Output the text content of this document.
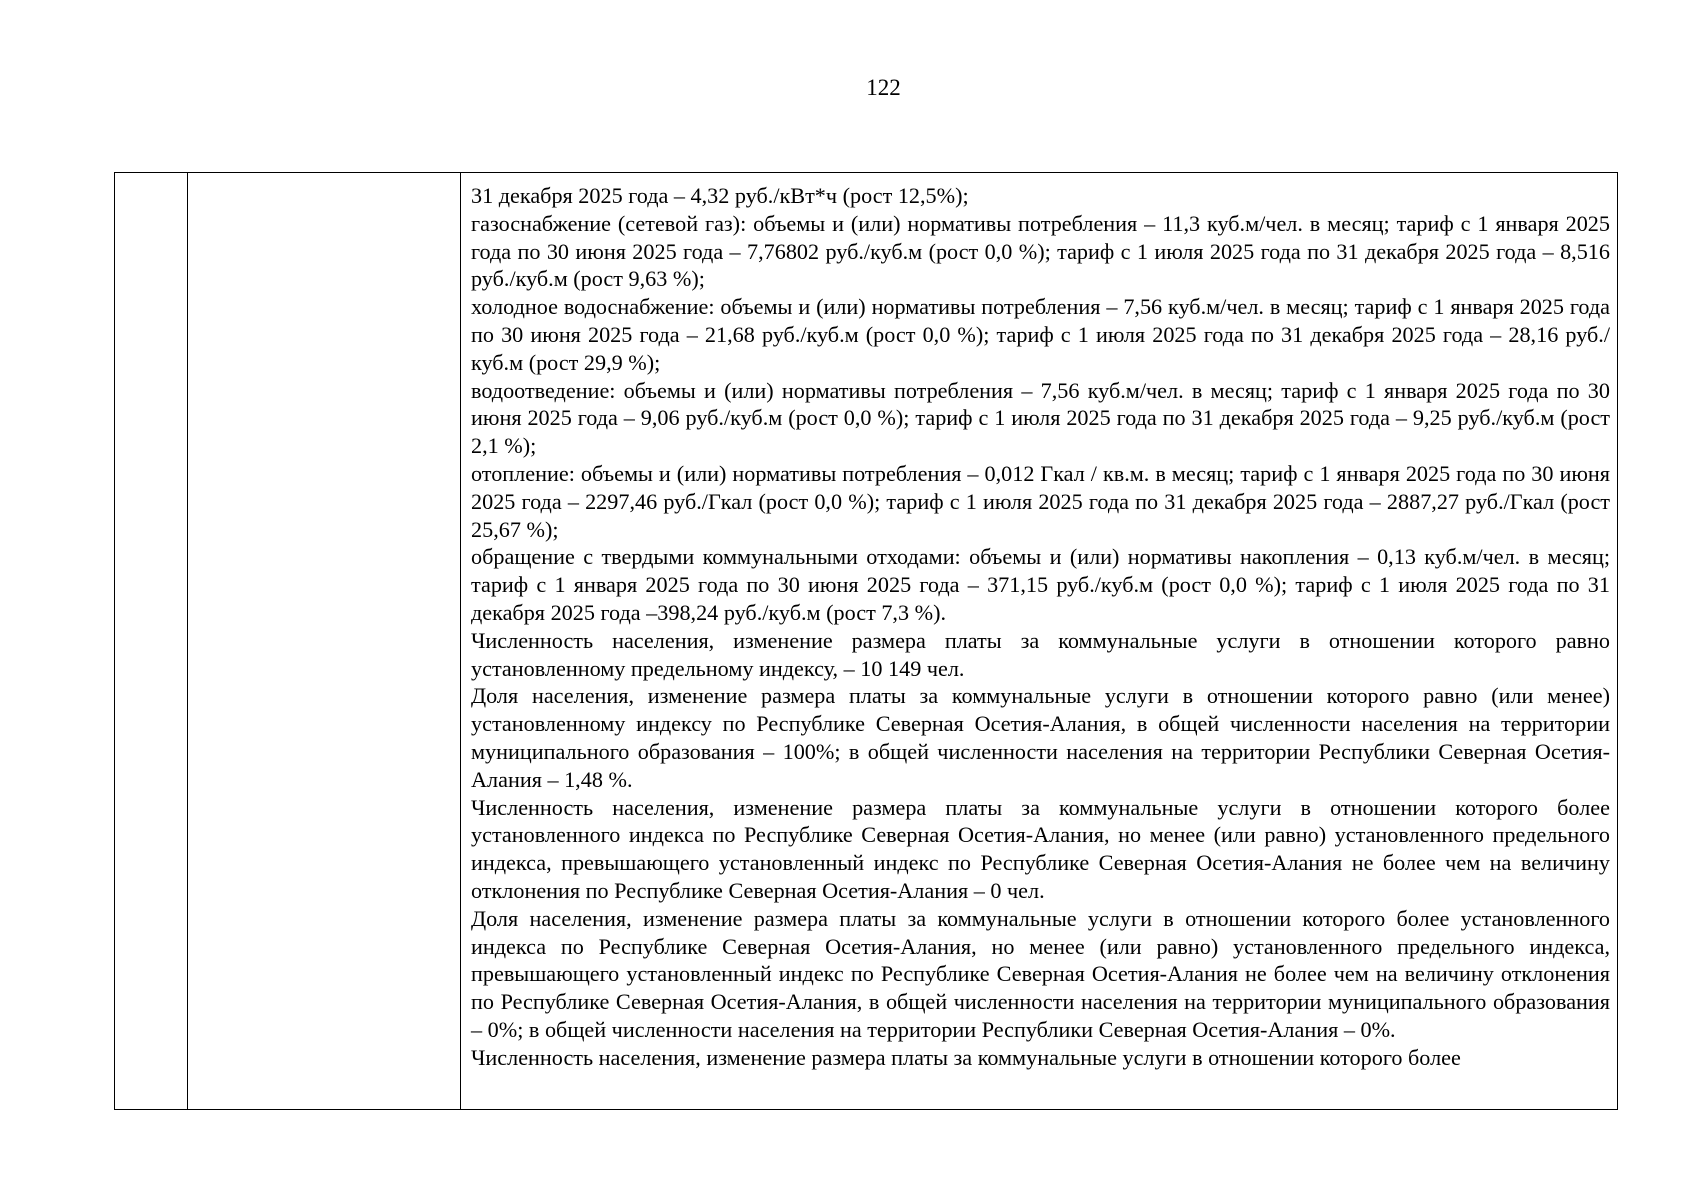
122

31 декабря 2025 года – 4,32 руб./кВт*ч (рост 12,5%);

газоснабжение (сетевой газ): объемы и (или) нормативы потребления – 11,3 куб.м/чел. в месяц; тариф с 1 января 2025 года по 30 июня 2025 года – 7,76802 руб./куб.м (рост 0,0 %); тариф с 1 июля 2025 года по 31 декабря 2025 года – 8,516 руб./куб.м (рост 9,63 %);

холодное водоснабжение: объемы и (или) нормативы потребления – 7,56 куб.м/чел. в месяц; тариф с 1 января 2025 года по 30 июня 2025 года – 21,68 руб./куб.м (рост 0,0 %); тариф с 1 июля 2025 года по 31 декабря 2025 года – 28,16 руб./куб.м (рост 29,9 %);

водоотведение: объемы и (или) нормативы потребления – 7,56 куб.м/чел. в месяц; тариф с 1 января 2025 года по 30 июня 2025 года – 9,06 руб./куб.м (рост 0,0 %); тариф с 1 июля 2025 года по 31 декабря 2025 года – 9,25 руб./куб.м (рост 2,1 %);

отопление: объемы и (или) нормативы потребления – 0,012 Гкал / кв.м. в месяц; тариф с 1 января 2025 года по 30 июня 2025 года – 2297,46 руб./Гкал (рост 0,0 %); тариф с 1 июля 2025 года по 31 декабря 2025 года – 2887,27 руб./Гкал (рост 25,67 %);

обращение с твердыми коммунальными отходами: объемы и (или) нормативы накопления – 0,13 куб.м/чел. в месяц; тариф с 1 января 2025 года по 30 июня 2025 года – 371,15 руб./куб.м (рост 0,0 %); тариф с 1 июля 2025 года по 31 декабря 2025 года –398,24 руб./куб.м (рост 7,3 %).

Численность населения, изменение размера платы за коммунальные услуги в отношении которого равно установленному предельному индексу, – 10 149 чел.

Доля населения, изменение размера платы за коммунальные услуги в отношении которого равно (или менее) установленному индексу по Республике Северная Осетия-Алания, в общей численности населения на территории муниципального образования – 100%; в общей численности населения на территории Республики Северная Осетия-Алания – 1,48 %.

Численность населения, изменение размера платы за коммунальные услуги в отношении которого более установленного индекса по Республике Северная Осетия-Алания, но менее (или равно) установленного предельного индекса, превышающего установленный индекс по Республике Северная Осетия-Алания не более чем на величину отклонения по Республике Северная Осетия-Алания – 0 чел.

Доля населения, изменение размера платы за коммунальные услуги в отношении которого более установленного индекса по Республике Северная Осетия-Алания, но менее (или равно) установленного предельного индекса, превышающего установленный индекс по Республике Северная Осетия-Алания не более чем на величину отклонения по Республике Северная Осетия-Алания, в общей численности населения на территории муниципального образования – 0%; в общей численности населения на территории Республики Северная Осетия-Алания – 0%.

Численность населения, изменение размера платы за коммунальные услуги в отношении которого более
